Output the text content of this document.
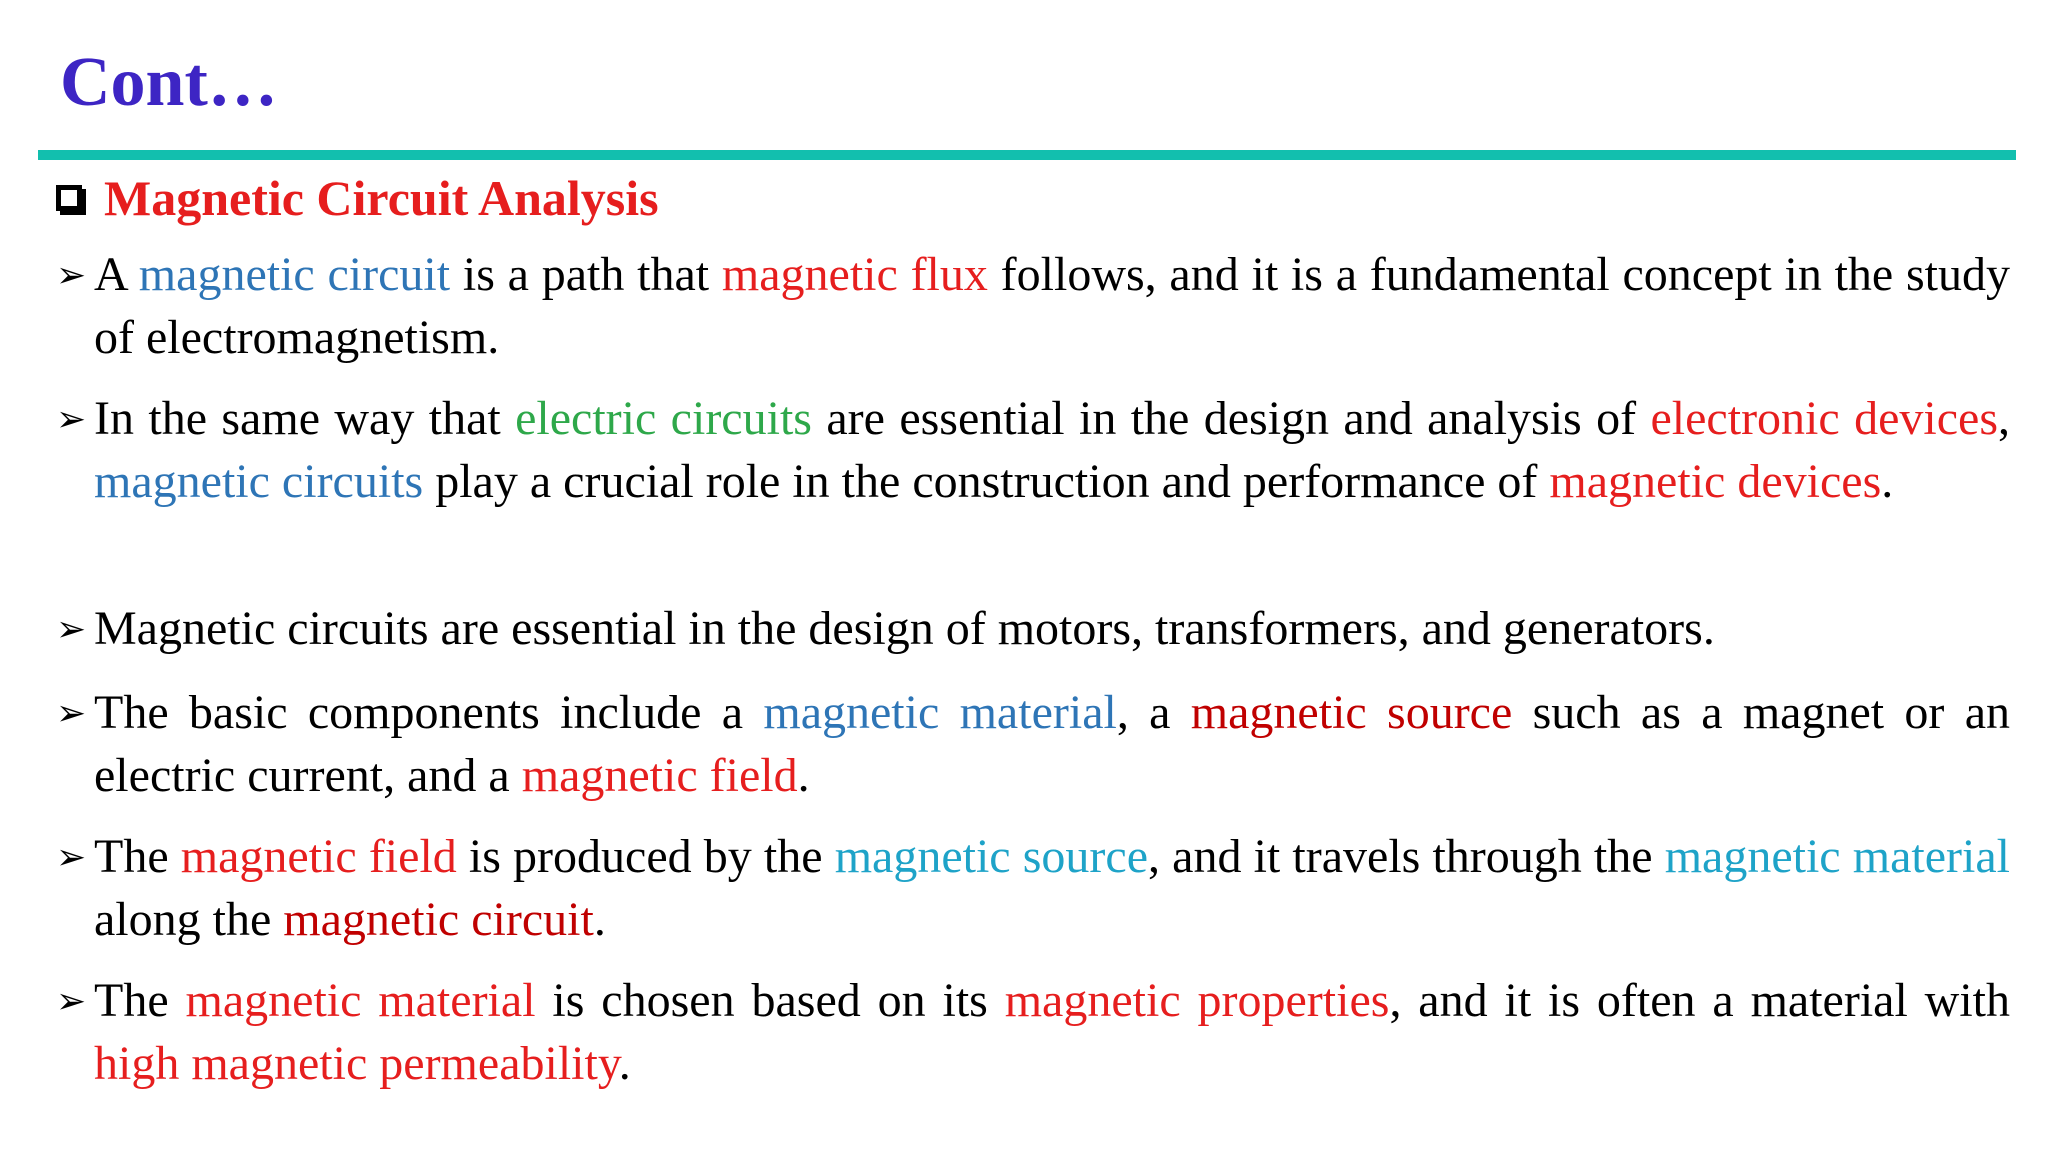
Cont…
Magnetic Circuit Analysis
➢ A magnetic circuit is a path that magnetic flux follows, and it is a fundamental concept in the study of electromagnetism.
➢ In the same way that electric circuits are essential in the design and analysis of electronic devices, magnetic circuits play a crucial role in the construction and performance of magnetic devices.
➢ Magnetic circuits are essential in the design of motors, transformers, and generators.
➢ The basic components include a magnetic material, a magnetic source such as a magnet or an electric current, and a magnetic field.
➢ The magnetic field is produced by the magnetic source, and it travels through the magnetic material along the magnetic circuit.
➢ The magnetic material is chosen based on its magnetic properties, and it is often a material with high magnetic permeability.
